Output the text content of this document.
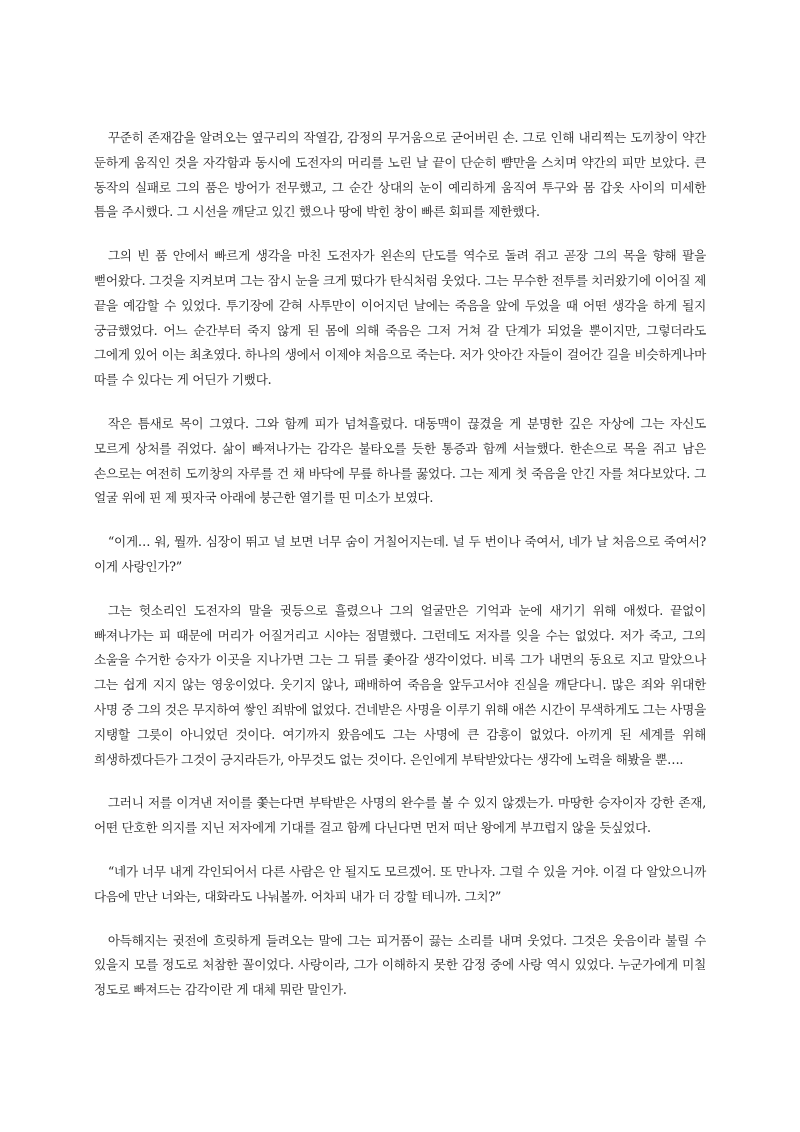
꾸준히 존재감을 알려오는 옆구리의 작열감, 감정의 무거움으로 굳어버린 손. 그로 인해 내리찍는 도끼창이 약간 둔하게 움직인 것을 자각함과 동시에 도전자의 머리를 노린 날 끝이 단순히 뺨만을 스치며 약간의 피만 보았다. 큰 동작의 실패로 그의 품은 방어가 전무했고, 그 순간 상대의 눈이 예리하게 움직여 투구와 몸 갑옷 사이의 미세한 틈을 주시했다. 그 시선을 깨닫고 있긴 했으나 땅에 박힌 창이 빠른 회피를 제한했다.

그의 빈 품 안에서 빠르게 생각을 마친 도전자가 왼손의 단도를 역수로 돌려 쥐고 곧장 그의 목을 향해 팔을 뻗어왔다. 그것을 지켜보며 그는 잠시 눈을 크게 떴다가 탄식처럼 웃었다. 그는 무수한 전투를 치러왔기에 이어질 제 끝을 예감할 수 있었다. 투기장에 갇혀 사투만이 이어지던 날에는 죽음을 앞에 두었을 때 어떤 생각을 하게 될지 궁금했었다. 어느 순간부터 죽지 않게 된 몸에 의해 죽음은 그저 거쳐 갈 단계가 되었을 뿐이지만, 그렇더라도 그에게 있어 이는 최초였다. 하나의 생에서 이제야 처음으로 죽는다. 저가 앗아간 자들이 걸어간 길을 비슷하게나마 따를 수 있다는 게 어딘가 기뻤다.

작은 틈새로 목이 그였다. 그와 함께 피가 넘쳐흘렀다. 대동맥이 끊겼을 게 분명한 깊은 자상에 그는 자신도 모르게 상처를 쥐었다. 삶이 빠져나가는 감각은 불타오를 듯한 통증과 함께 서늘했다. 한손으로 목을 쥐고 남은 손으로는 여전히 도끼창의 자루를 건 채 바닥에 무릎 하나를 꿇었다. 그는 제게 첫 죽음을 안긴 자를 쳐다보았다. 그 얼굴 위에 핀 제 핏자국 아래에 붕근한 열기를 띤 미소가 보였다.

“이게… 워, 뭘까. 심장이 뛰고 널 보면 너무 숨이 거칠어지는데. 널 두 번이나 죽여서, 네가 날 처음으로 죽여서? 이게 사랑인가?”

그는 헛소리인 도전자의 말을 귓등으로 흘렸으나 그의 얼굴만은 기억과 눈에 새기기 위해 애썼다. 끝없이 빠져나가는 피 때문에 머리가 어질거리고 시야는 점멸했다. 그런데도 저자를 잊을 수는 없었다. 저가 죽고, 그의 소울을 수거한 승자가 이곳을 지나가면 그는 그 뒤를 좇아갈 생각이었다. 비록 그가 내면의 동요로 지고 말았으나 그는 쉽게 지지 않는 영웅이었다. 웃기지 않나, 패배하여 죽음을 앞두고서야 진실을 깨닫다니. 많은 죄와 위대한 사명 중 그의 것은 무지하여 쌓인 죄밖에 없었다. 건네받은 사명을 이루기 위해 애쓴 시간이 무색하게도 그는 사명을 지탱할 그릇이 아니었던 것이다. 여기까지 왔음에도 그는 사명에 큰 감흥이 없었다. 아끼게 된 세계를 위해 희생하겠다든가 그것이 긍지라든가, 아무것도 없는 것이다. 은인에게 부탁받았다는 생각에 노력을 해봤을 뿐….

그러니 저를 이겨낸 저이를 쫓는다면 부탁받은 사명의 완수를 볼 수 있지 않겠는가. 마땅한 승자이자 강한 존재, 어떤 단호한 의지를 지닌 저자에게 기대를 걸고 함께 다닌다면 먼저 떠난 왕에게 부끄럽지 않을 듯싶었다.

“네가 너무 내게 각인되어서 다른 사람은 안 될지도 모르겠어. 또 만나자. 그럴 수 있을 거야. 이걸 다 알았으니까 다음에 만난 너와는, 대화라도 나눠볼까. 어차피 내가 더 강할 테니까. 그치?”

아득해지는 귓전에 흐릿하게 들려오는 말에 그는 피거품이 끓는 소리를 내며 웃었다. 그것은 웃음이라 불릴 수 있을지 모를 정도로 처참한 꼴이었다. 사랑이라, 그가 이해하지 못한 감정 중에 사랑 역시 있었다. 누군가에게 미칠 정도로 빠져드는 감각이란 게 대체 뭐란 말인가.
